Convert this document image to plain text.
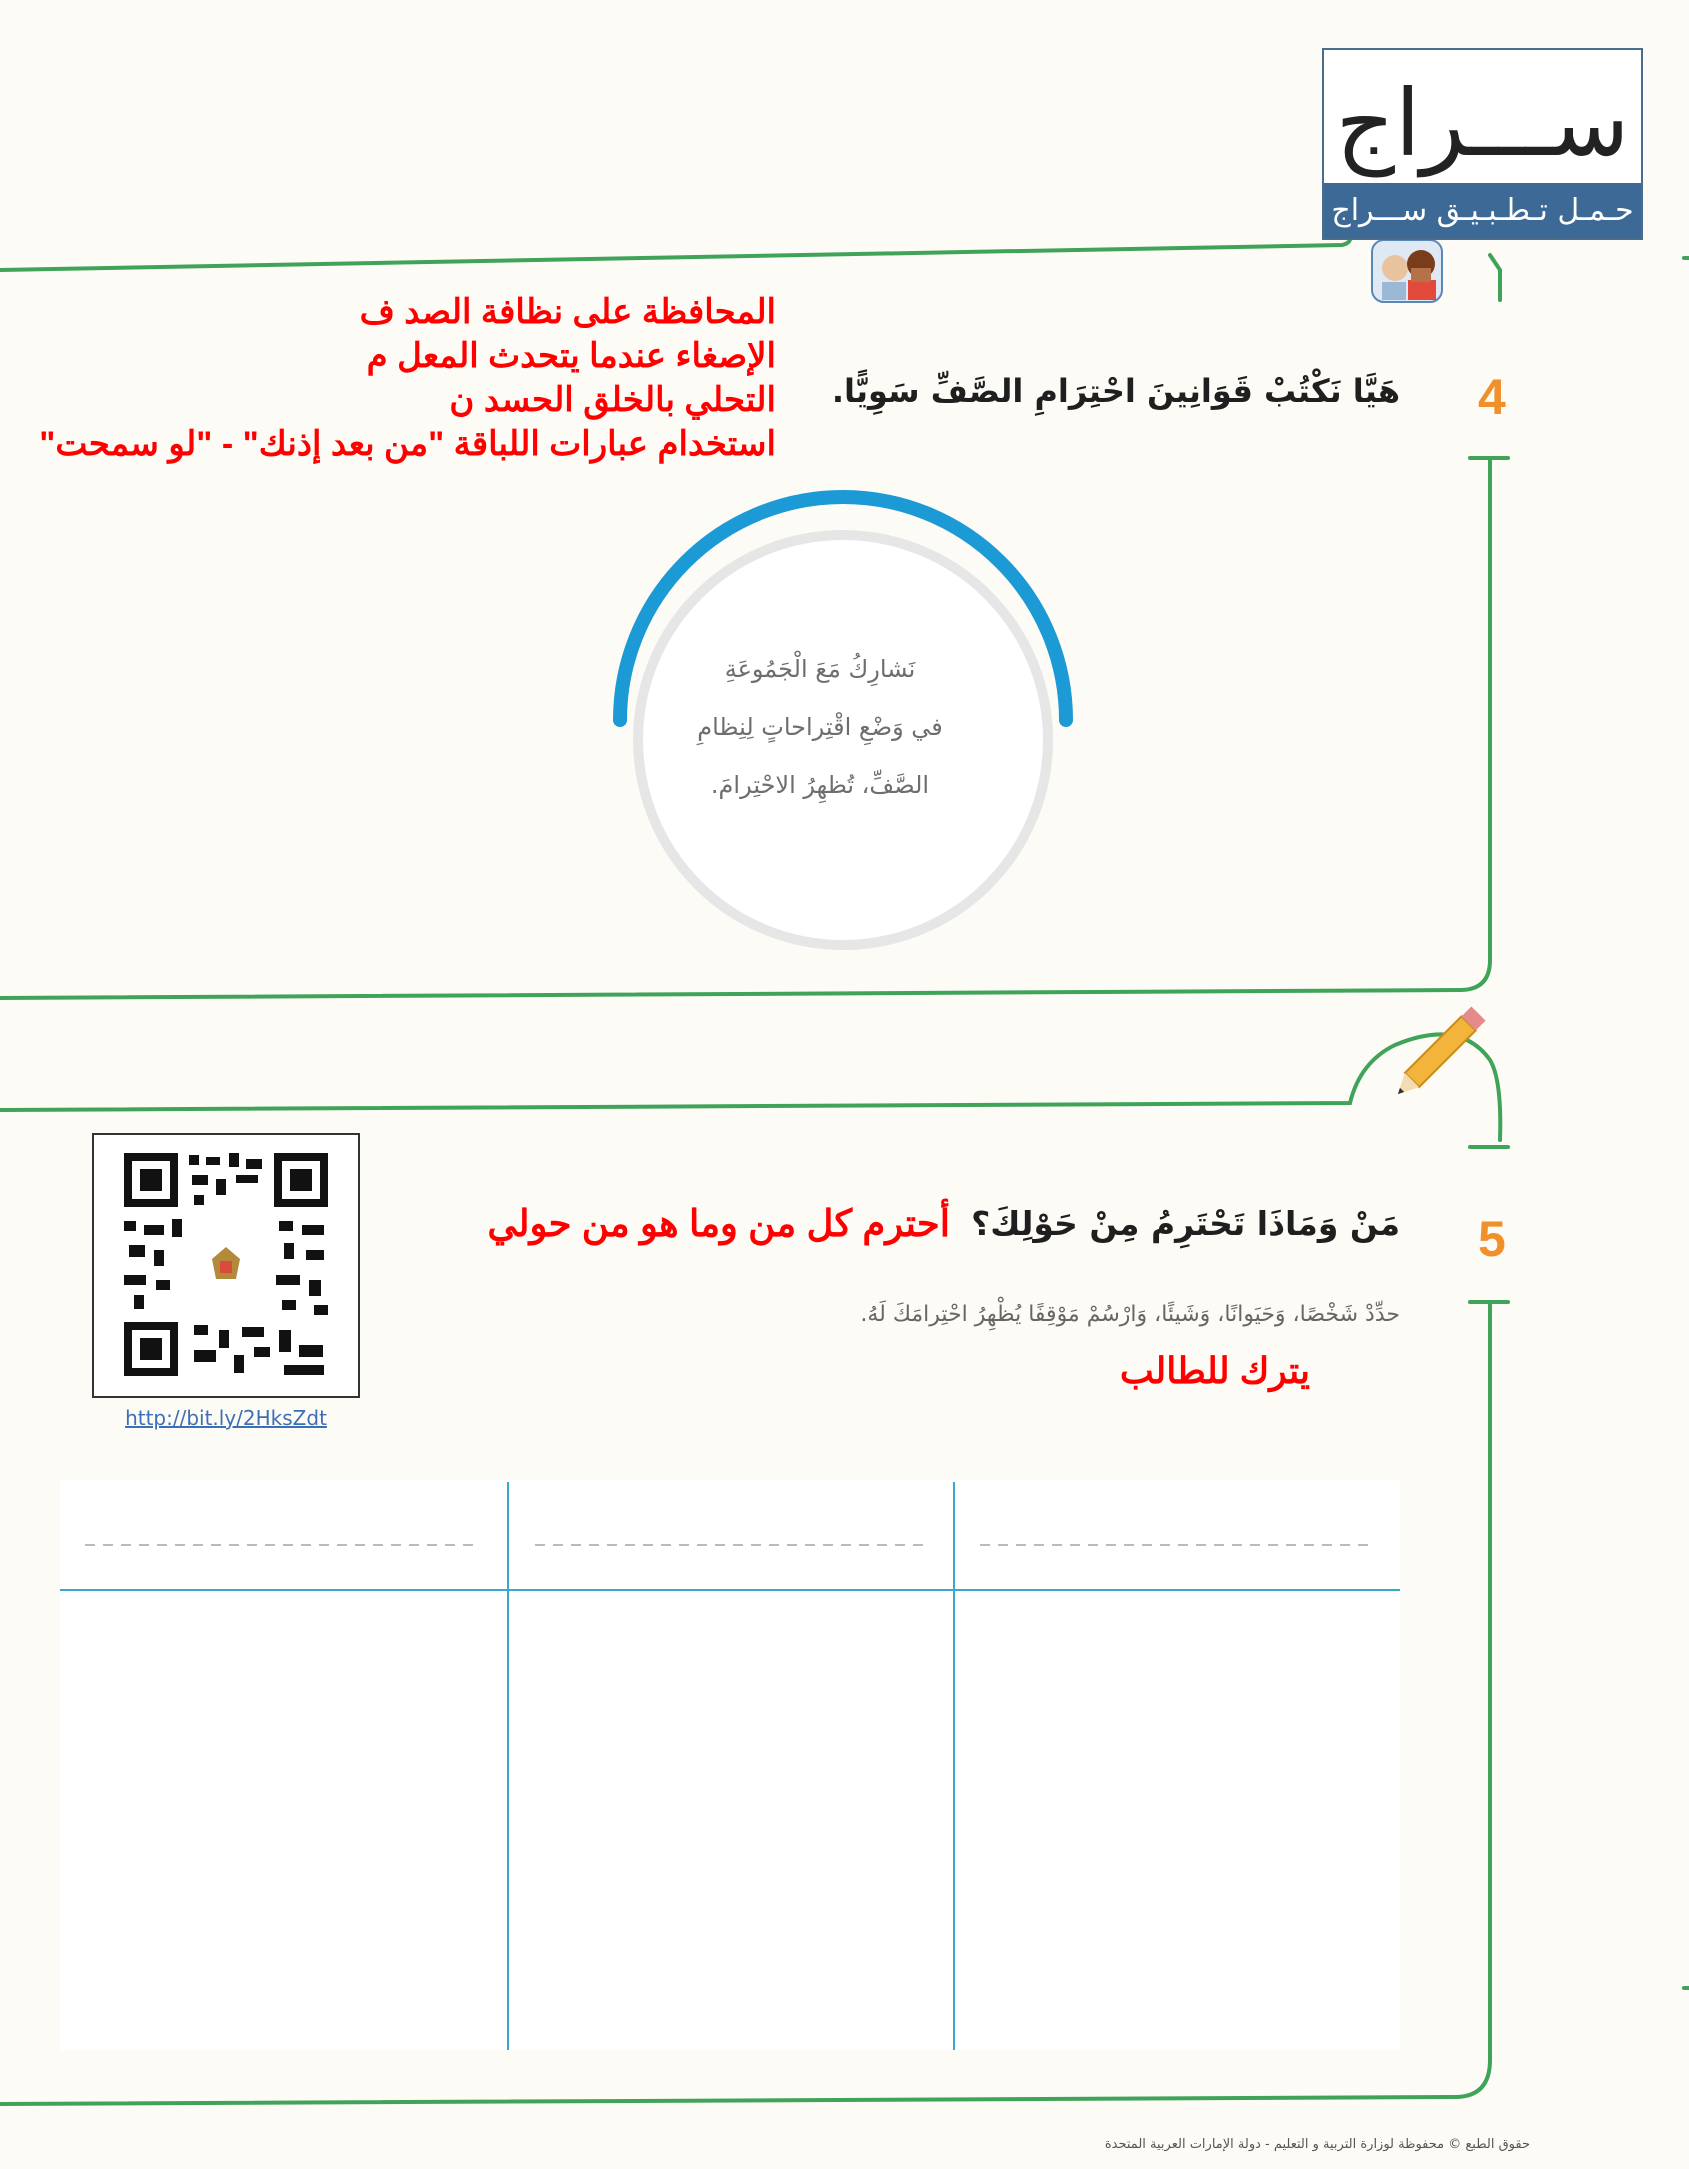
ســـراج
حـمـل تـطـبـيـق ســـراج
4
هَيَّا نَكْتُبْ قَوَانِينَ احْتِرَامِ الصَّفِّ سَوِيًّا.
المحافظة على نظافة الصد ف
الإصغاء عندما يتحدث المعل م
التحلي بالخلق الحسد ن
استخدام عبارات اللباقة "من بعد إذنك" - "لو سمحت"
نَشارِكُ مَعَ الْجَمُوعَةِ
في وَضْعِ اقْتِراحاتٍ لِنِظامِ
الصَّفِّ، تُظهِرُ الاحْتِرامَ.
5
مَنْ وَمَاذَا تَحْتَرِمُ مِنْ حَوْلِكَ؟
أحترم كل من وما هو من حولي
حدِّدْ شَخْصًا، وَحَيَوانًا، وَشَيئًا، وَارْسُمْ مَوْقِفًا يُظْهِرُ احْتِرامَكَ لَهُ.
يترك للطالب
http://bit.ly/2HksZdt
حقوق الطبع © محفوظة لوزارة التربية و التعليم - دولة الإمارات العربية المتحدة
